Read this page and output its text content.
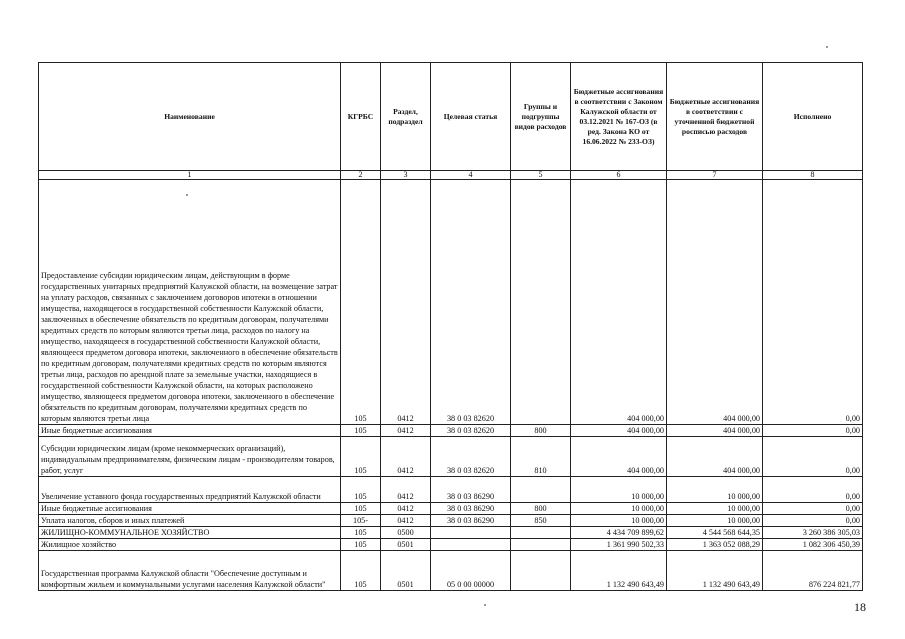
Наименование	КГРБС	Раздел, подраздел	Целевая статья	Группы и подгруппы видов расходов	Бюджетные ассигнования в соответствии с Законом Калужской области от 03.12.2021 № 167-ОЗ (в ред. Закона КО от 16.06.2022 № 233-ОЗ)	Бюджетные ассигнования в соответствии с уточненной бюджетной росписью расходов	Исполнено
1	2	3	4	5	6	7	8
Предоставление субсидии юридическим лицам, действующим в форме государственных унитарных предприятий Калужской области, на возмещение затрат на уплату расходов, связанных с заключением договоров ипотеки в отношении имущества, находящегося в государственной собственности Калужской области, заключенных в обеспечение обязательств по кредитным договорам, получателями кредитных средств по которым являются третьи лица, расходов по налогу на имущество, находящееся в государственной собственности Калужской области, являющееся предметом договора ипотеки, заключенного в обеспечение обязательств по кредитным договорам, получателями кредитных средств по которым являются третьи лица, расходов по арендной плате за земельные участки, находящиеся в государственной собственности Калужской области, на которых расположено имущество, являющееся предметом договора ипотеки, заключенного в обеспечение обязательств по кредитным договорам, получателями кредитных средств по которым являются третьи лица	105	0412	38 0 03 82620		404 000,00	404 000,00	0,00
Иные бюджетные ассигнования	105	0412	38 0 03 82620	800	404 000,00	404 000,00	0,00
Субсидии юридическим лицам (кроме некоммерческих организаций), индивидуальным предпринимателям, физическим лицам - производителям товаров, работ, услуг	105	0412	38 0 03 82620	810	404 000,00	404 000,00	0,00
Увеличение уставного фонда государственных предприятий Калужской области	105	0412	38 0 03 86290		10 000,00	10 000,00	0,00
Иные бюджетные ассигнования	105	0412	38 0 03 86290	800	10 000,00	10 000,00	0,00
Уплата налогов, сборов и иных платежей	105-	0412	38 0 03 86290	850	10 000,00	10 000,00	0,00
ЖИЛИЩНО-КОММУНАЛЬНОЕ ХОЗЯЙСТВО	105	0500			4 434 709 899,62	4 544 568 644,35	3 260 386 305,03
Жилищное хозяйство	105	0501			1 361 990 502,33	1 363 052 088,29	1 082 306 450,39
Государственная программа Калужской области "Обеспечение доступным и комфортным жильем и коммунальными услугами населения Калужской области"	105	0501	05 0 00 00000		1 132 490 643,49	1 132 490 643,49	876 224 821,77
18
